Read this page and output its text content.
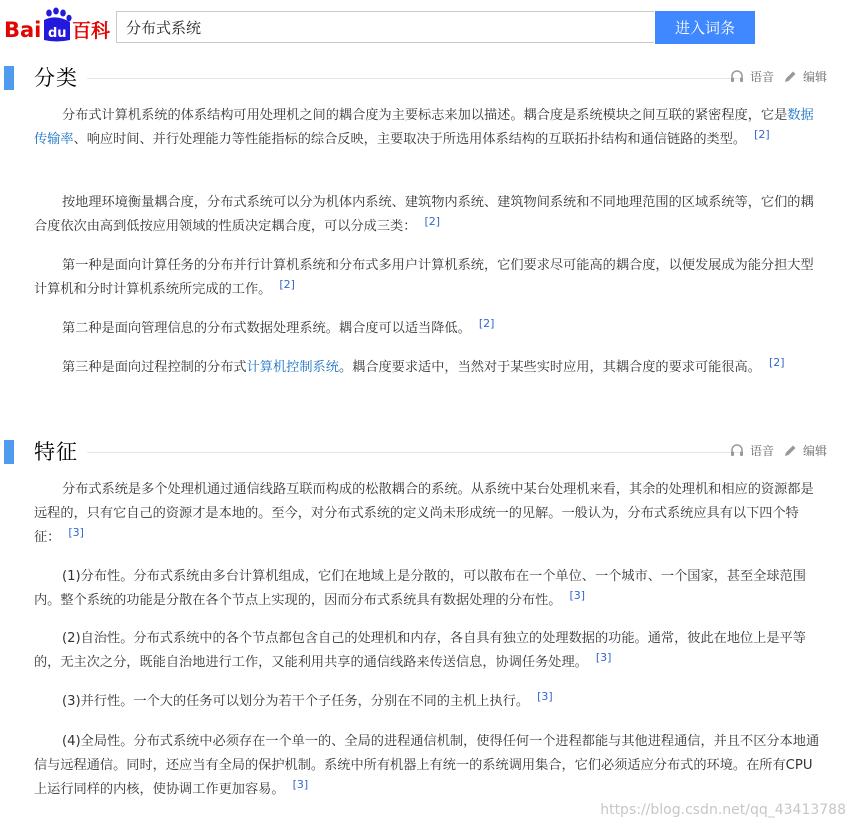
Bai du 百科
分布式系统	进入词条
分类	语音 编辑

分布式计算机系统的体系结构可用处理机之间的耦合度为主要标志来加以描述。耦合度是系统模块之间互联的紧密程度，它是数据传输率、响应时间、并行处理能力等性能指标的综合反映，主要取决于所选用体系结构的互联拓扑结构和通信链路的类型。 [2]

按地理环境衡量耦合度，分布式系统可以分为机体内系统、建筑物内系统、建筑物间系统和不同地理范围的区域系统等，它们的耦合度依次由高到低按应用领域的性质决定耦合度，可以分成三类： [2]

第一种是面向计算任务的分布并行计算机系统和分布式多用户计算机系统，它们要求尽可能高的耦合度，以便发展成为能分担大型计算机和分时计算机系统所完成的工作。 [2]

第二种是面向管理信息的分布式数据处理系统。耦合度可以适当降低。 [2]

第三种是面向过程控制的分布式计算机控制系统。耦合度要求适中，当然对于某些实时应用，其耦合度的要求可能很高。 [2]

特征	语音 编辑

分布式系统是多个处理机通过通信线路互联而构成的松散耦合的系统。从系统中某台处理机来看，其余的处理机和相应的资源都是远程的，只有它自己的资源才是本地的。至今，对分布式系统的定义尚未形成统一的见解。一般认为，分布式系统应具有以下四个特征： [3]

(1)分布性。分布式系统由多台计算机组成，它们在地域上是分散的，可以散布在一个单位、一个城市、一个国家，甚至全球范围内。整个系统的功能是分散在各个节点上实现的，因而分布式系统具有数据处理的分布性。 [3]

(2)自治性。分布式系统中的各个节点都包含自己的处理机和内存，各自具有独立的处理数据的功能。通常，彼此在地位上是平等的，无主次之分，既能自治地进行工作，又能利用共享的通信线路来传送信息，协调任务处理。 [3]

(3)并行性。一个大的任务可以划分为若干个子任务，分别在不同的主机上执行。 [3]

(4)全局性。分布式系统中必须存在一个单一的、全局的进程通信机制，使得任何一个进程都能与其他进程通信，并且不区分本地通信与远程通信。同时，还应当有全局的保护机制。系统中所有机器上有统一的系统调用集合，它们必须适应分布式的环境。在所有CPU上运行同样的内核，使协调工作更加容易。 [3]

https://blog.csdn.net/qq_43413788
